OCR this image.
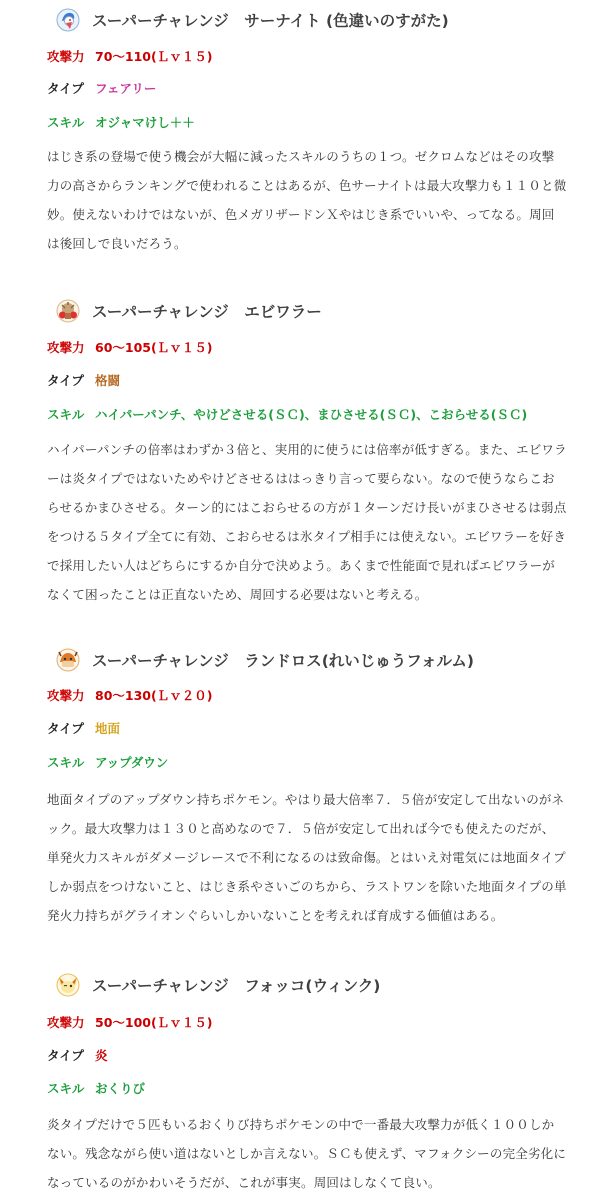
スーパーチャレンジ　サーナイト (色違いのすがた)
攻撃力 70～110(Ｌｖ１５)
タイプ フェアリー
スキル オジャマけし＋＋
はじき系の登場で使う機会が大幅に減ったスキルのうちの１つ。ゼクロムなどはその攻撃力の高さからランキングで使われることはあるが、色サーナイトは最大攻撃力も１１０と微妙。使えないわけではないが、色メガリザードンＸやはじき系でいいや、ってなる。周回は後回しで良いだろう。
スーパーチャレンジ　エビワラー
攻撃力 60～105(Ｌｖ１５)
タイプ 格闘
スキル ハイパーパンチ、やけどさせる(ＳＣ)、まひさせる(ＳＣ)、こおらせる(ＳＣ)
ハイパーパンチの倍率はわずか３倍と、実用的に使うには倍率が低すぎる。また、エビワラーは炎タイプではないためやけどさせるははっきり言って要らない。なので使うならこおらせるかまひさせる。ターン的にはこおらせるの方が１ターンだけ長いがまひさせるは弱点をつける５タイプ全てに有効、こおらせるは氷タイプ相手には使えない。エビワラーを好きで採用したい人はどちらにするか自分で決めよう。あくまで性能面で見ればエビワラーがなくて困ったことは正直ないため、周回する必要はないと考える。
スーパーチャレンジ　ランドロス(れいじゅうフォルム)
攻撃力 80～130(Ｌｖ２０)
タイプ 地面
スキル アップダウン
地面タイプのアップダウン持ちポケモン。やはり最大倍率７．５倍が安定して出ないのがネック。最大攻撃力は１３０と高めなので７．５倍が安定して出れば今でも使えたのだが、単発火力スキルがダメージレースで不利になるのは致命傷。とはいえ対電気には地面タイプしか弱点をつけないこと、はじき系やさいごのちから、ラストワンを除いた地面タイプの単発火力持ちがグライオンぐらいしかいないことを考えれば育成する価値はある。
スーパーチャレンジ　フォッコ(ウィンク)
攻撃力 50～100(Ｌｖ１５)
タイプ 炎
スキル おくりび
炎タイプだけで５匹もいるおくりび持ちポケモンの中で一番最大攻撃力が低く１００しかない。残念ながら使い道はないとしか言えない。ＳＣも使えず、マフォクシーの完全劣化になっているのがかわいそうだが、これが事実。周回はしなくて良い。
